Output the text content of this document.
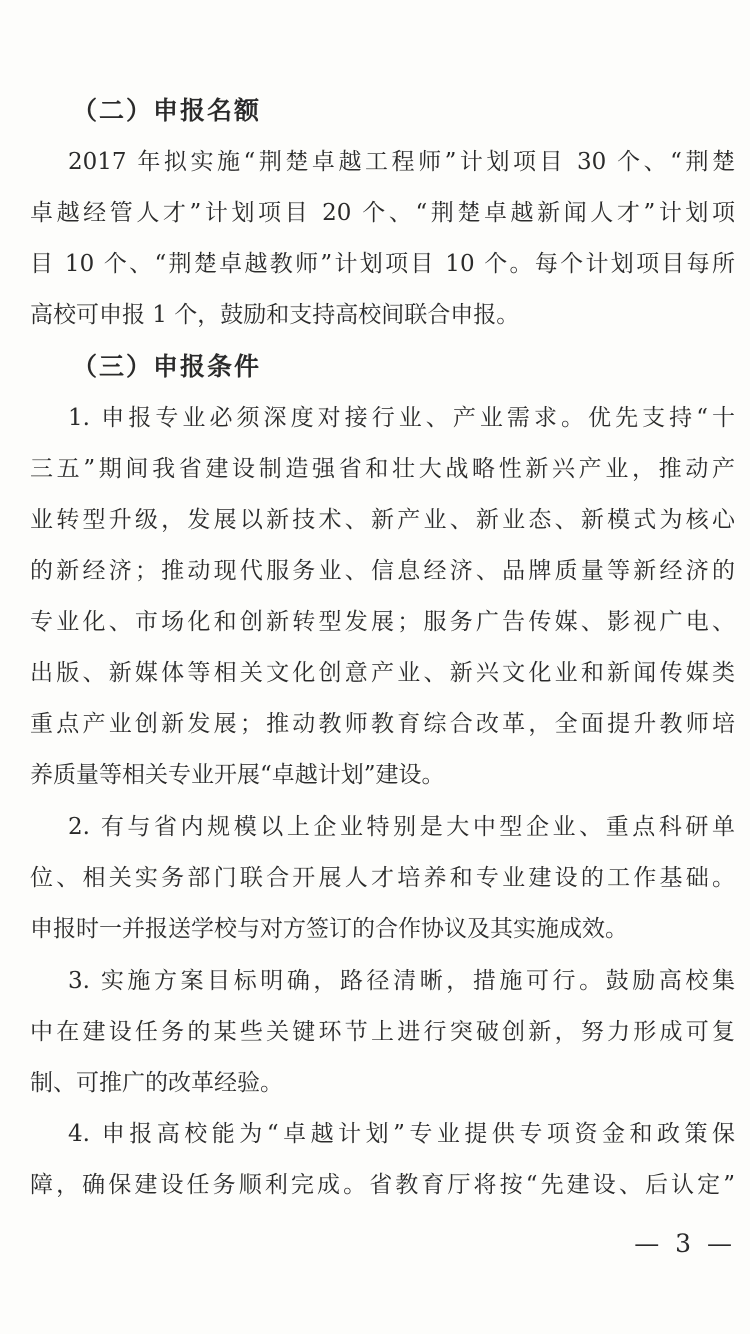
（二）申报名额
2017 年拟实施“荆楚卓越工程师”计划项目 30 个、“荆楚
卓越经管人才”计划项目 20 个、“荆楚卓越新闻人才”计划项
目 10 个、“荆楚卓越教师”计划项目 10 个。每个计划项目每所
高校可申报 1 个，鼓励和支持高校间联合申报。
（三）申报条件
1. 申报专业必须深度对接行业、产业需求。优先支持“十
三五”期间我省建设制造强省和壮大战略性新兴产业，推动产
业转型升级，发展以新技术、新产业、新业态、新模式为核心
的新经济；推动现代服务业、信息经济、品牌质量等新经济的
专业化、市场化和创新转型发展；服务广告传媒、影视广电、
出版、新媒体等相关文化创意产业、新兴文化业和新闻传媒类
重点产业创新发展；推动教师教育综合改革，全面提升教师培
养质量等相关专业开展“卓越计划”建设。
2. 有与省内规模以上企业特别是大中型企业、重点科研单
位、相关实务部门联合开展人才培养和专业建设的工作基础。
申报时一并报送学校与对方签订的合作协议及其实施成效。
3. 实施方案目标明确，路径清晰，措施可行。鼓励高校集
中在建设任务的某些关键环节上进行突破创新，努力形成可复
制、可推广的改革经验。
4. 申报高校能为“卓越计划”专业提供专项资金和政策保
障，确保建设任务顺利完成。省教育厅将按“先建设、后认定”
— 3 —
